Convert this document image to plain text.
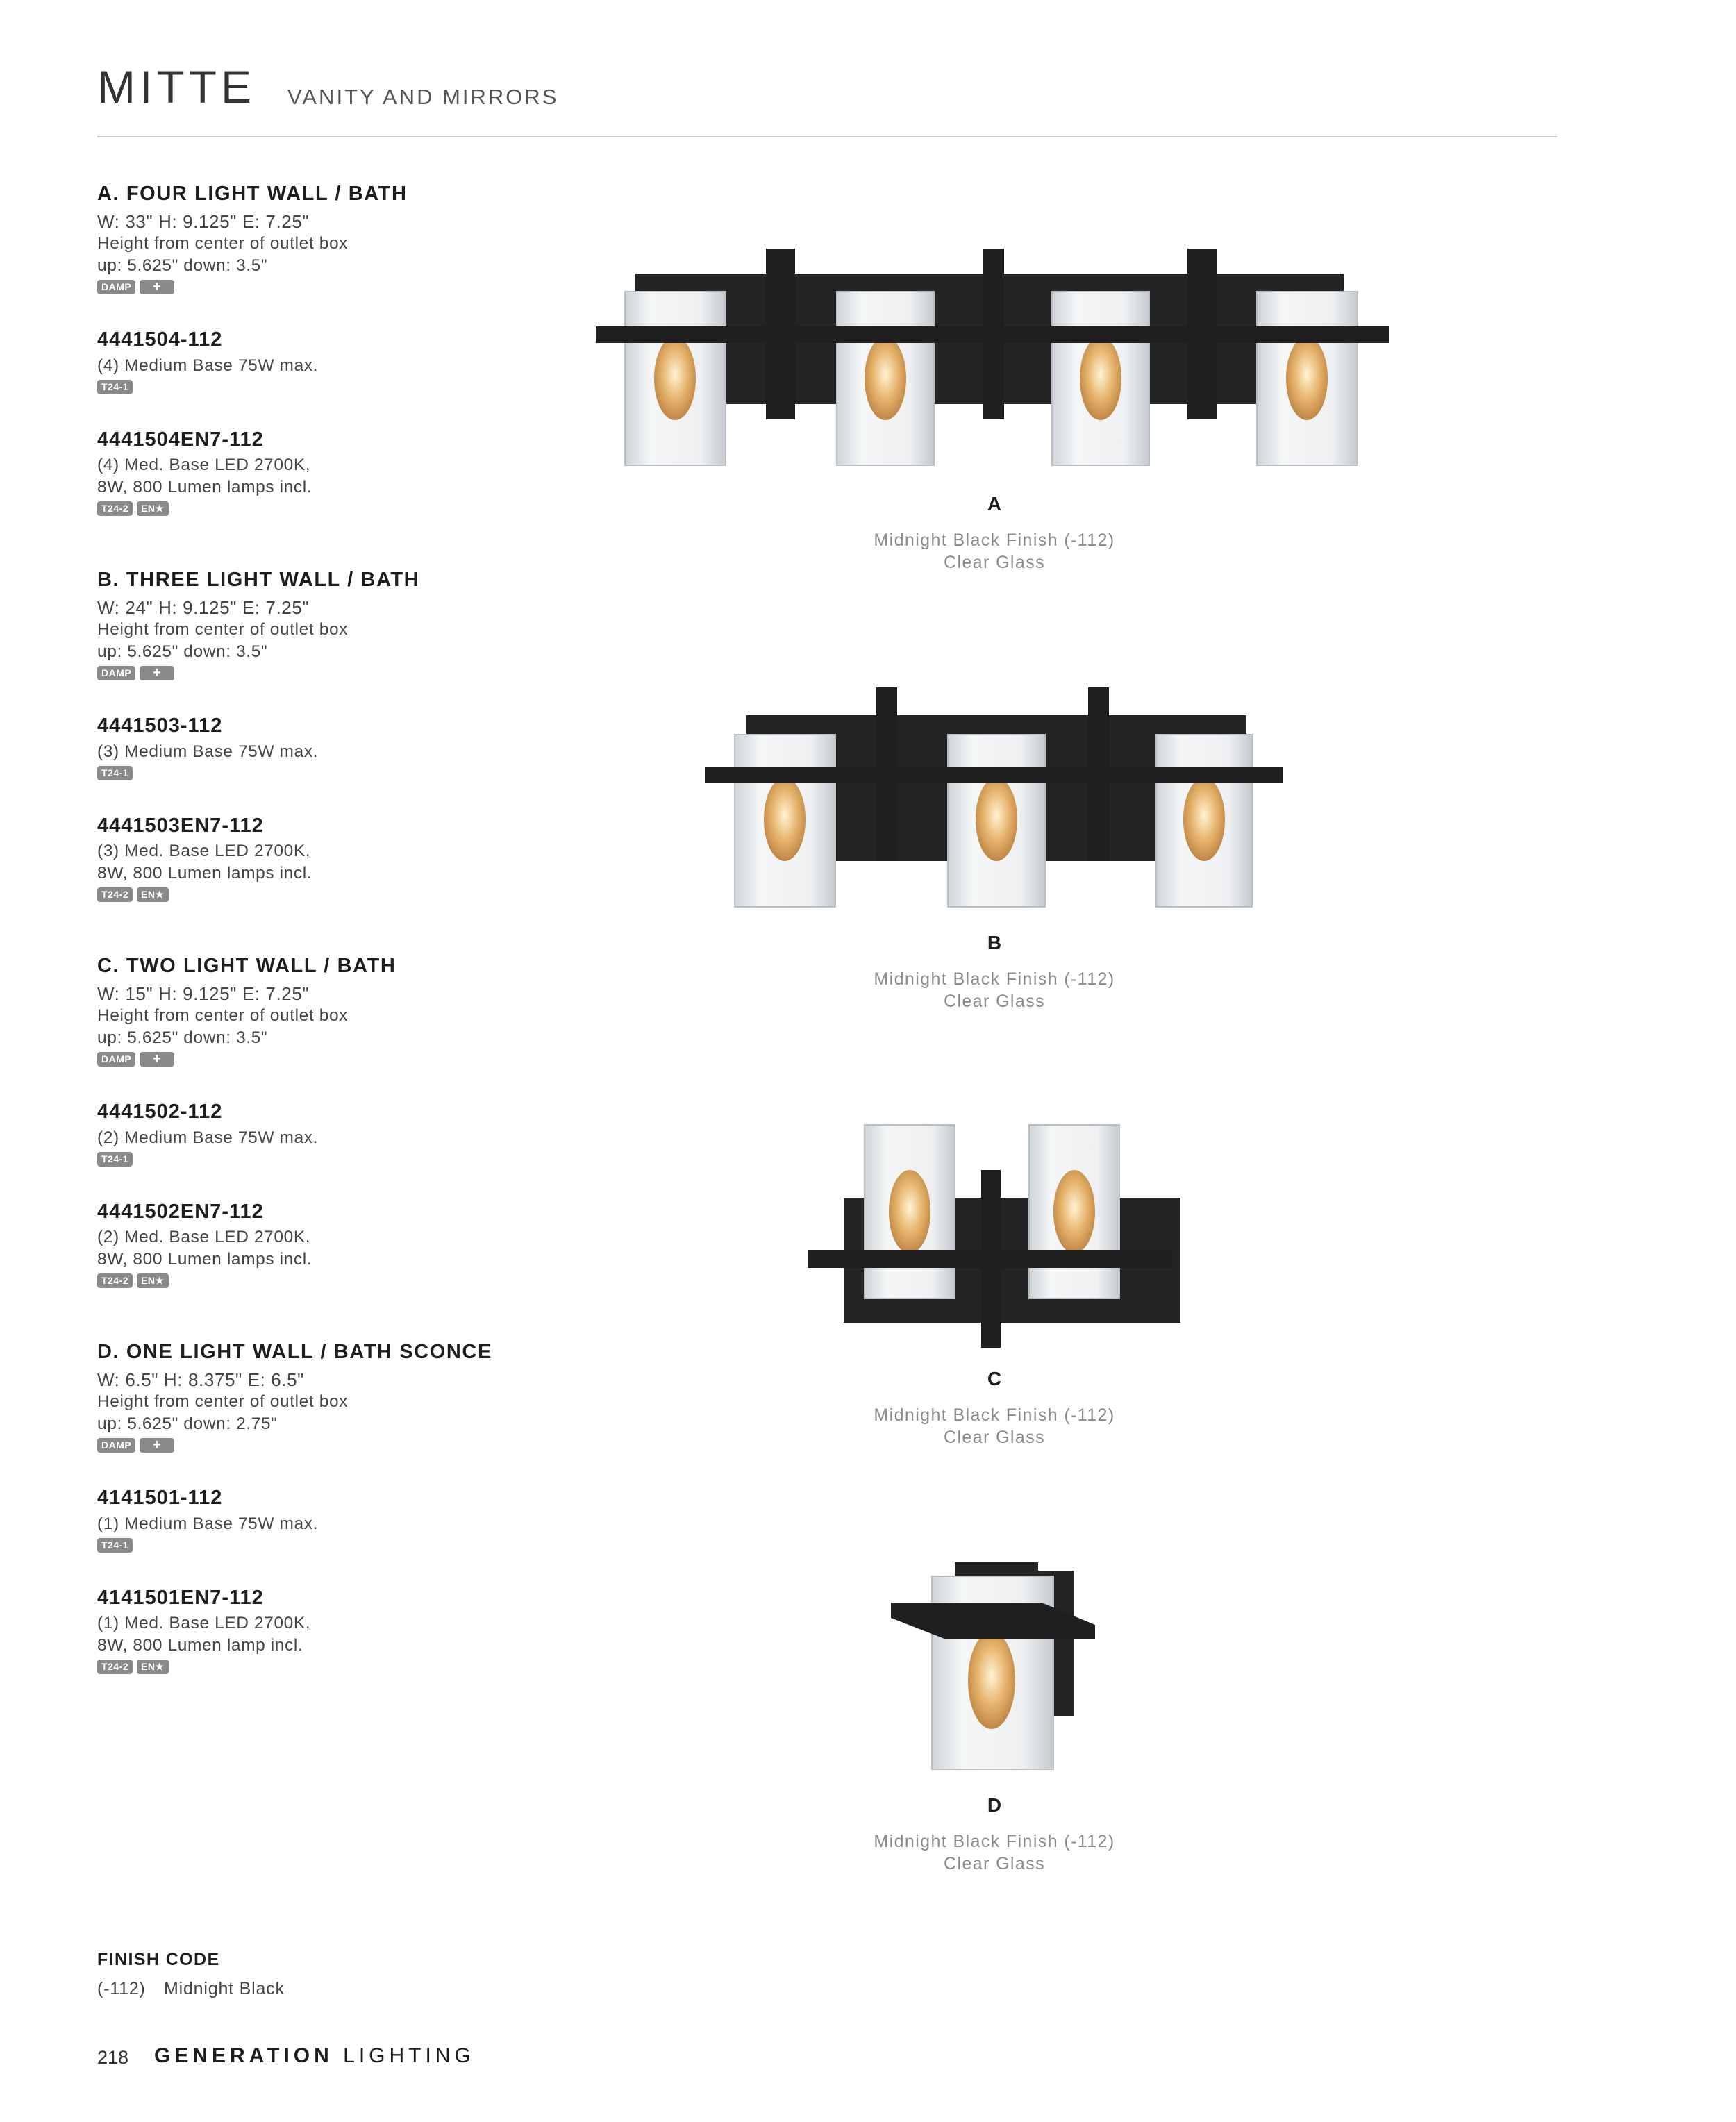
MITTE VANITY AND MIRRORS
A. FOUR LIGHT WALL / BATH
W: 33" H: 9.125" E: 7.25"
Height from center of outlet box
up: 5.625" down: 3.5"
DAMP	+
4441504-112
(4) Medium Base 75W max.
T24-1
4441504EN7-112
(4) Med. Base LED 2700K,
8W, 800 Lumen lamps incl.
T24-2	EN★
B. THREE LIGHT WALL / BATH
W: 24" H: 9.125" E: 7.25"
Height from center of outlet box
up: 5.625" down: 3.5"
DAMP	+
4441503-112
(3) Medium Base 75W max.
T24-1
4441503EN7-112
(3) Med. Base LED 2700K,
8W, 800 Lumen lamps incl.
T24-2	EN★
C. TWO LIGHT WALL / BATH
W: 15" H: 9.125" E: 7.25"
Height from center of outlet box
up: 5.625" down: 3.5"
DAMP	+
4441502-112
(2) Medium Base 75W max.
T24-1
4441502EN7-112
(2) Med. Base LED 2700K,
8W, 800 Lumen lamps incl.
T24-2	EN★
D. ONE LIGHT WALL / BATH SCONCE
W: 6.5" H: 8.375" E: 6.5"
Height from center of outlet box
up: 5.625" down: 2.75"
DAMP	+
4141501-112
(1) Medium Base 75W max.
T24-1
4141501EN7-112
(1) Med. Base LED 2700K,
8W, 800 Lumen lamp incl.
T24-2	EN★
A
Midnight Black Finish (-112)
Clear Glass
B
Midnight Black Finish (-112)
Clear Glass
C
Midnight Black Finish (-112)
Clear Glass
D
Midnight Black Finish (-112)
Clear Glass
FINISH CODE
(-112) Midnight Black
218 GENERATION LIGHTING
